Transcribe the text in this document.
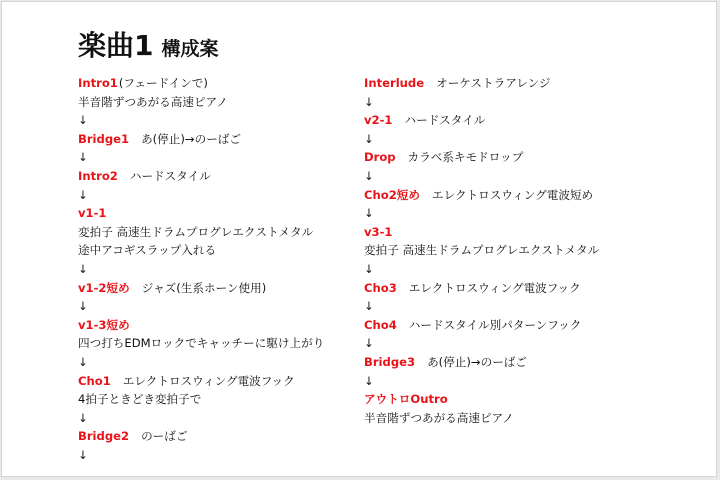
楽曲1 構成案
Intro1(フェードインで)
半音階ずつあがる高速ピアノ
↓
Bridge1 あ(停止)→のーばご
↓
Intro2 ハードスタイル
↓
v1-1
変拍子 高速生ドラムプログレエクストメタル
途中アコギスラップ入れる
↓
v1-2短め ジャズ(生系ホーン使用)
↓
v1-3短め
四つ打ちEDMロックでキャッチーに駆け上がり
↓
Cho1 エレクトロスウィング電波フック
4拍子ときどき変拍子で
↓
Bridge2 のーばご
↓
Interlude オーケストラアレンジ
↓
v2-1 ハードスタイル
↓
Drop カラベ系キモドロップ
↓
Cho2短め エレクトロスウィング電波短め
↓
v3-1
変拍子 高速生ドラムプログレエクストメタル
↓
Cho3 エレクトロスウィング電波フック
↓
Cho4 ハードスタイル別パターンフック
↓
Bridge3 あ(停止)→のーばご
↓
アウトロOutro
半音階ずつあがる高速ピアノ
